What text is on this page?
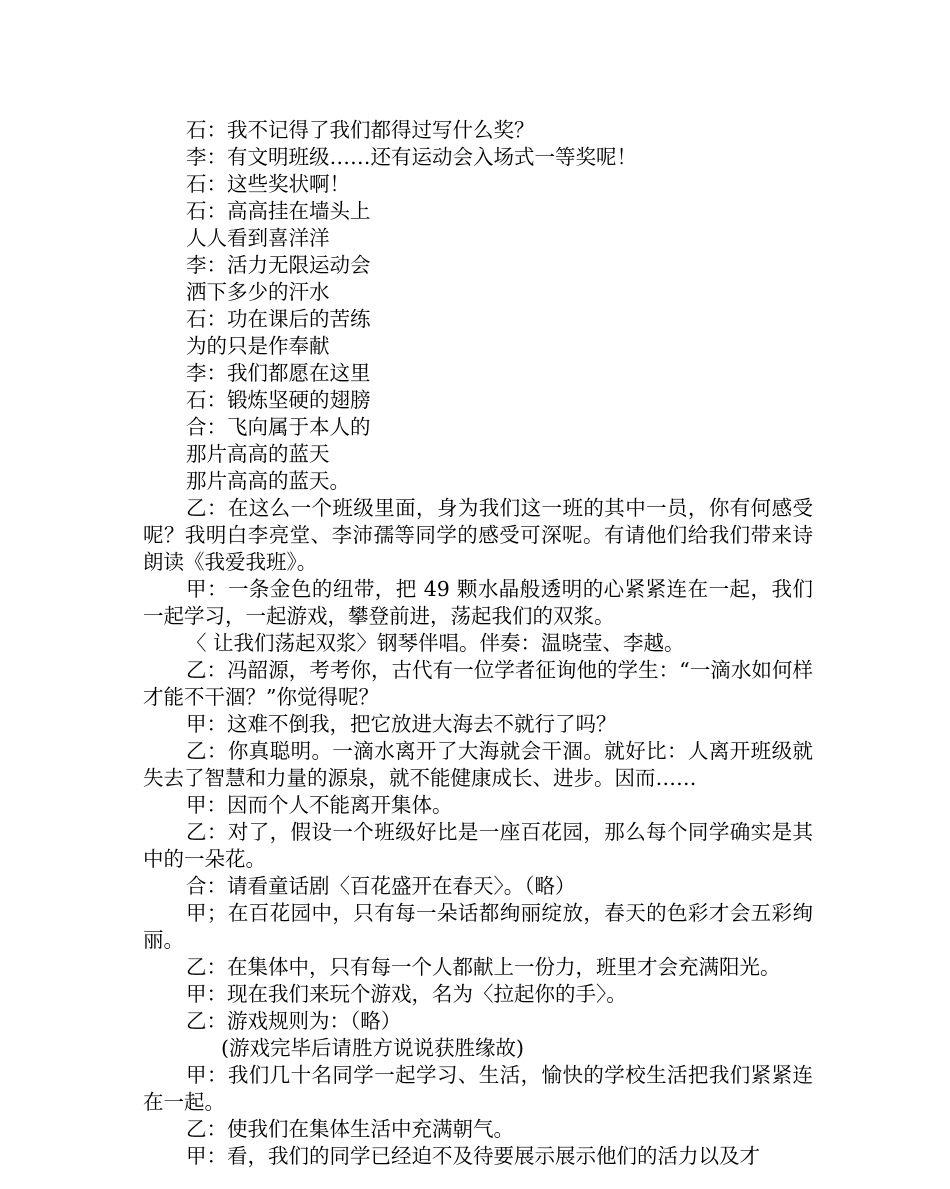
石：我不记得了我们都得过写什么奖？
李：有文明班级……还有运动会入场式一等奖呢！
石：这些奖状啊！
石：高高挂在墙头上
人人看到喜洋洋
李：活力无限运动会
洒下多少的汗水
石：功在课后的苦练
为的只是作奉献
李：我们都愿在这里
石：锻炼坚硬的翅膀
合：飞向属于本人的
那片高高的蓝天
那片高高的蓝天。

乙：在这么一个班级里面，身为我们这一班的其中一员，你有何感受呢？我明白李亮堂、李沛孺等同学的感受可深呢。有请他们给我们带来诗朗读《我爱我班》。

甲：一条金色的纽带，把 49 颗水晶般透明的心紧紧连在一起，我们一起学习，一起游戏，攀登前进，荡起我们的双浆。

〈 让我们荡起双浆〉钢琴伴唱。伴奏：温晓莹、李越。

乙：冯韶源，考考你，古代有一位学者征询他的学生：“一滴水如何样才能不干涸？”你觉得呢？

甲：这难不倒我，把它放进大海去不就行了吗？

乙：你真聪明。一滴水离开了大海就会干涸。就好比：人离开班级就失去了智慧和力量的源泉，就不能健康成长、进步。因而……

甲：因而个人不能离开集体。

乙：对了，假设一个班级好比是一座百花园，那么每个同学确实是其中的一朵花。

合：请看童话剧〈百花盛开在春天〉。（略）

甲；在百花园中，只有每一朵话都绚丽绽放，春天的色彩才会五彩绚丽。

乙：在集体中，只有每一个人都献上一份力，班里才会充满阳光。

甲：现在我们来玩个游戏，名为〈拉起你的手〉。

乙：游戏规则为：（略）

(游戏完毕后请胜方说说获胜缘故)

甲：我们几十名同学一起学习、生活，愉快的学校生活把我们紧紧连在一起。

乙：使我们在集体生活中充满朝气。

甲：看，我们的同学已经迫不及待要展示展示他们的活力以及才
